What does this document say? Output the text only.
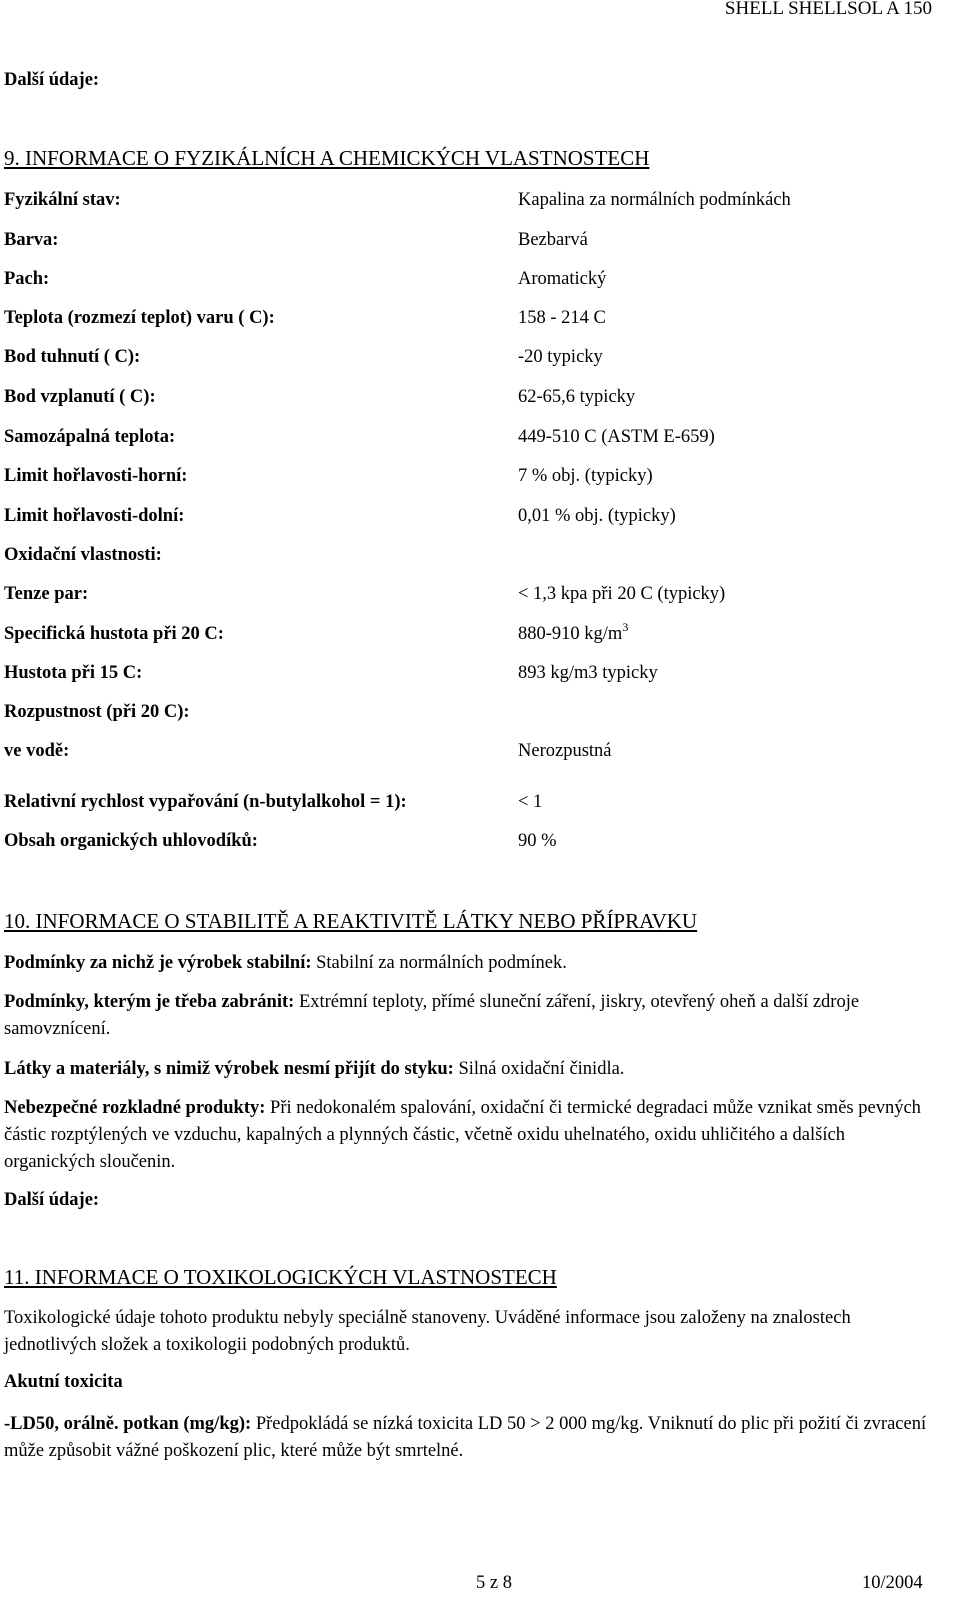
SHELL SHELLSOL A 150
Další údaje:
9. INFORMACE O FYZIKÁLNÍCH A CHEMICKÝCH VLASTNOSTECH
Fyzikální stav:	Kapalina za normálních podmínkách
Barva:	Bezbarvá
Pach:	Aromatický
Teplota (rozmezí teplot) varu ( C):	158 - 214 C
Bod tuhnutí ( C):	-20 typicky
Bod vzplanutí ( C):	62-65,6 typicky
Samozápalná teplota:	449-510 C (ASTM E-659)
Limit hořlavosti-horní:	7 % obj. (typicky)
Limit hořlavosti-dolní:	0,01 % obj. (typicky)
Oxidační vlastnosti:
Tenze par:	< 1,3 kpa při 20 C (typicky)
Specifická hustota při 20 C:	880-910 $kg/m^3$
Hustota při 15 C:	893 kg/m3 typicky
Rozpustnost (při 20 C):
ve vodě:	Nerozpustná
Relativní rychlost vypařování (n-butylalkohol = 1):	< 1
Obsah organických uhlovodíků:	90 %
10. INFORMACE O STABILITĚ A REAKTIVITĚ LÁTKY NEBO PŘÍPRAVKU
Podmínky za nichž je výrobek stabilní: Stabilní za normálních podmínek.
Podmínky, kterým je třeba zabránit: Extrémní teploty, přímé sluneční záření, jiskry, otevřený oheň a další zdroje samovznícení.
Látky a materiály, s nimiž výrobek nesmí přijít do styku: Silná oxidační činidla.
Nebezpečné rozkladné produkty: Při nedokonalém spalování, oxidační či termické degradaci může vznikat směs pevných částic rozptýlených ve vzduchu, kapalných a plynných částic, včetně oxidu uhelnatého, oxidu uhličitého a dalších organických sloučenin.
Další údaje:
11. INFORMACE O TOXIKOLOGICKÝCH VLASTNOSTECH
Toxikologické údaje tohoto produktu nebyly speciálně stanoveny. Uváděné informace jsou založeny na znalostech jednotlivých složek a toxikologii podobných produktů.
Akutní toxicita
-LD50, orálně. potkan (mg/kg): Předpokládá se nízká toxicita LD 50 > 2 000 mg/kg. Vniknutí do plic při požití či zvracení může způsobit vážné poškození plic, které může být smrtelné.
5 z 8	10/2004
